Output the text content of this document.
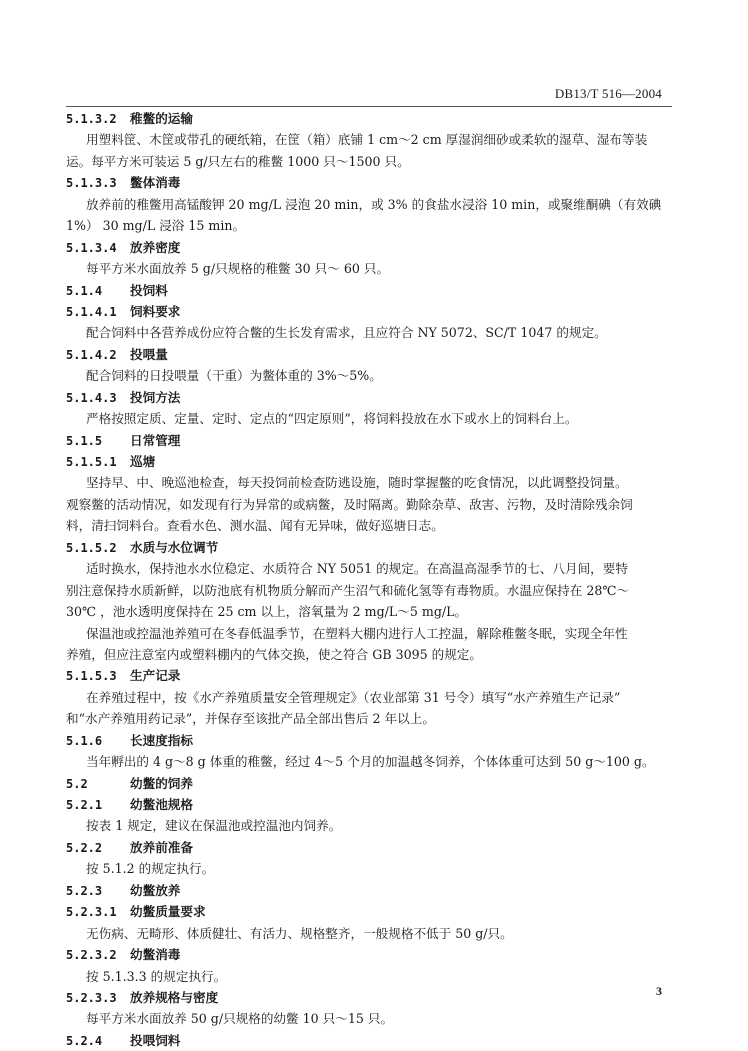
DB13/T 516—2004
5.1.3.2 稚鳖的运输
用塑料筐、木筐或带孔的硬纸箱，在筐（箱）底铺 1 cm～2 cm 厚湿润细砂或柔软的湿草、湿布等装
运。每平方米可装运 5 g/只左右的稚鳖 1000 只～1500 只。
5.1.3.3 鳖体消毒
放养前的稚鳖用高锰酸钾 20 mg/L 浸泡 20 min，或 3% 的食盐水浸浴 10 min，或聚维酮碘（有效碘
1%） 30 mg/L 浸浴 15 min。
5.1.3.4 放养密度
每平方米水面放养 5 g/只规格的稚鳖 30 只～ 60 只。
5.1.4 投饲料
5.1.4.1 饲料要求
配合饲料中各营养成份应符合鳖的生长发育需求，且应符合 NY 5072、SC/T 1047 的规定。
5.1.4.2 投喂量
配合饲料的日投喂量（干重）为鳖体重的 3%～5%。
5.1.4.3 投饲方法
严格按照定质、定量、定时、定点的“四定原则”，将饲料投放在水下或水上的饲料台上。
5.1.5 日常管理
5.1.5.1 巡塘
坚持早、中、晚巡池检查，每天投饲前检查防逃设施，随时掌握鳖的吃食情况，以此调整投饲量。
观察鳖的活动情况，如发现有行为异常的或病鳖，及时隔离。勤除杂草、敌害、污物，及时清除残余饲
料，清扫饲料台。查看水色、测水温、闻有无异味，做好巡塘日志。
5.1.5.2 水质与水位调节
适时换水，保持池水水位稳定、水质符合 NY 5051 的规定。在高温高湿季节的七、八月间，要特
别注意保持水质新鲜，以防池底有机物质分解而产生沼气和硫化氢等有毒物质。水温应保持在 28℃～
30℃ ，池水透明度保持在 25 cm 以上，溶氧量为 2 mg/L～5 mg/L。
保温池或控温池养殖可在冬春低温季节，在塑料大棚内进行人工控温，解除稚鳖冬眠，实现全年性
养殖，但应注意室内或塑料棚内的气体交换，使之符合 GB 3095 的规定。
5.1.5.3 生产记录
在养殖过程中，按《水产养殖质量安全管理规定》（农业部第 31 号令）填写“水产养殖生产记录”
和“水产养殖用药记录”，并保存至该批产品全部出售后 2 年以上。
5.1.6 长速度指标
当年孵出的 4 g～8 g 体重的稚鳖，经过 4～5 个月的加温越冬饲养，个体体重可达到 50 g～100 g。
5.2	幼鳖的饲养
5.2.1 幼鳖池规格
按表 1 规定，建议在保温池或控温池内饲养。
5.2.2 放养前准备
按 5.1.2 的规定执行。
5.2.3 幼鳖放养
5.2.3.1 幼鳖质量要求
无伤病、无畸形、体质健壮、有活力、规格整齐，一般规格不低于 50 g/只。
5.2.3.2 幼鳖消毒
按 5.1.3.3 的规定执行。
5.2.3.3 放养规格与密度
每平方米水面放养 50 g/只规格的幼鳖 10 只～15 只。
5.2.4 投喂饲料
3
